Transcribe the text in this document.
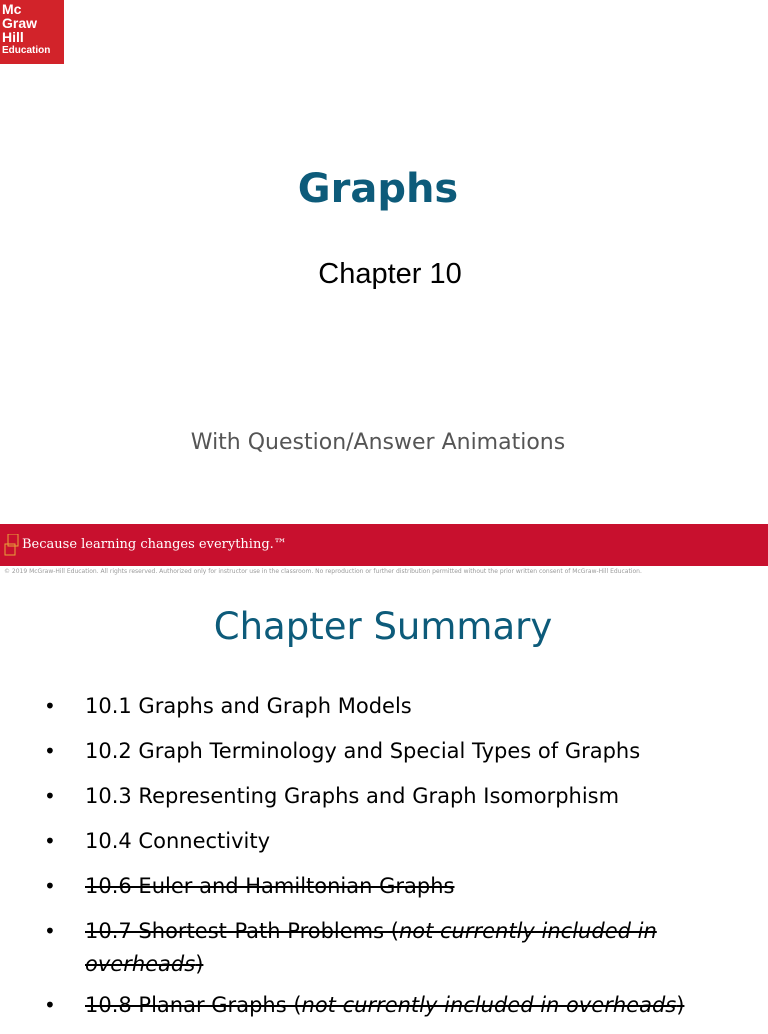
Mc
Graw
Hill
Education
Graphs

Chapter 10

With Question/Answer Animations

Because learning changes everything.™
© 2019 McGraw-Hill Education. All rights reserved. Authorized only for instructor use in the classroom. No reproduction or further distribution permitted without the prior written consent of McGraw-Hill Education.
Chapter Summary
• 10.1 Graphs and Graph Models
• 10.2 Graph Terminology and Special Types of Graphs
• 10.3 Representing Graphs and Graph Isomorphism
• 10.4 Connectivity
• 10.6 Euler and Hamiltonian Graphs
• 10.7 Shortest-Path Problems (not currently included in overheads)
• 10.8 Planar Graphs (not currently included in overheads)
